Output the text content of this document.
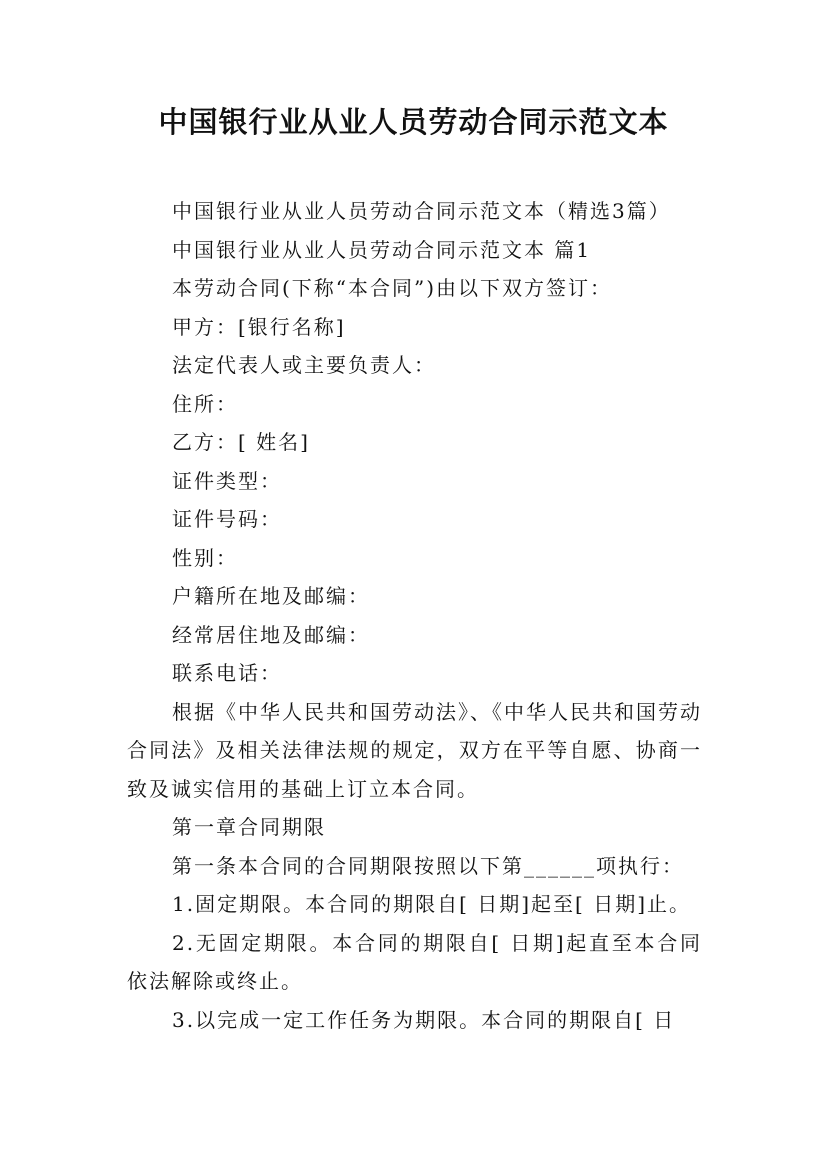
中国银行业从业人员劳动合同示范文本

中国银行业从业人员劳动合同示范文本（精选3篇）

中国银行业从业人员劳动合同示范文本 篇1

本劳动合同(下称“本合同”)由以下双方签订：

甲方：[银行名称]

法定代表人或主要负责人：

住所：

乙方：[ 姓名]

证件类型：

证件号码：

性别：

户籍所在地及邮编：

经常居住地及邮编：

联系电话：

根据《中华人民共和国劳动法》、《中华人民共和国劳动合同法》及相关法律法规的规定，双方在平等自愿、协商一致及诚实信用的基础上订立本合同。

第一章合同期限

第一条本合同的合同期限按照以下第______项执行：

1.固定期限。本合同的期限自[ 日期]起至[ 日期]止。

2.无固定期限。本合同的期限自[ 日期]起直至本合同依法解除或终止。

3.以完成一定工作任务为期限。本合同的期限自[ 日
